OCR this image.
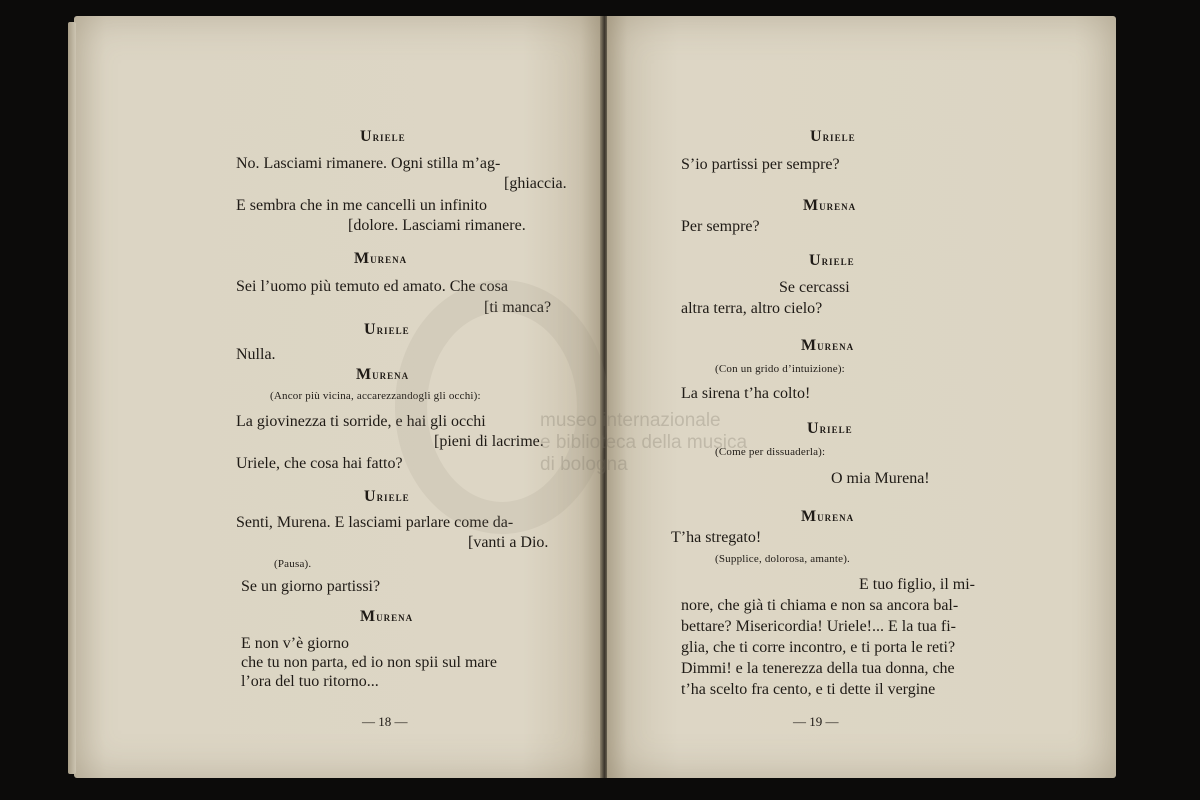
Uriele
No. Lasciami rimanere. Ogni stilla m’ag-
[ghiaccia.
E sembra che in me cancelli un infinito
[dolore. Lasciami rimanere.
Murena
Sei l’uomo più temuto ed amato. Che cosa
[ti manca?
Uriele
Nulla.
Murena
(Ancor più vicina, accarezzandogli gli occhi):
La giovinezza ti sorride, e hai gli occhi
[pieni di lacrime.
Uriele, che cosa hai fatto?
Uriele
Senti, Murena. E lasciami parlare come da-
[vanti a Dio.
(Pausa).
Se un giorno partissi?
Murena
E non v’è giorno
che tu non parta, ed io non spii sul mare
l’ora del tuo ritorno...
— 18 —
Uriele
S’io partissi per sempre?
Murena
Per sempre?
Uriele
Se cercassi
altra terra, altro cielo?
Murena
(Con un grido d’intuizione):
La sirena t’ha colto!
Uriele
(Come per dissuaderla):
O mia Murena!
Murena
T’ha stregato!
(Supplice, dolorosa, amante).
E tuo figlio, il mi-
nore, che già ti chiama e non sa ancora bal-
bettare? Misericordia! Uriele!... E la tua fi-
glia, che ti corre incontro, e ti porta le reti?
Dimmi! e la tenerezza della tua donna, che
t’ha scelto fra cento, e ti dette il vergine
— 19 —
museo internazionale
e biblioteca della musica
di bologna
